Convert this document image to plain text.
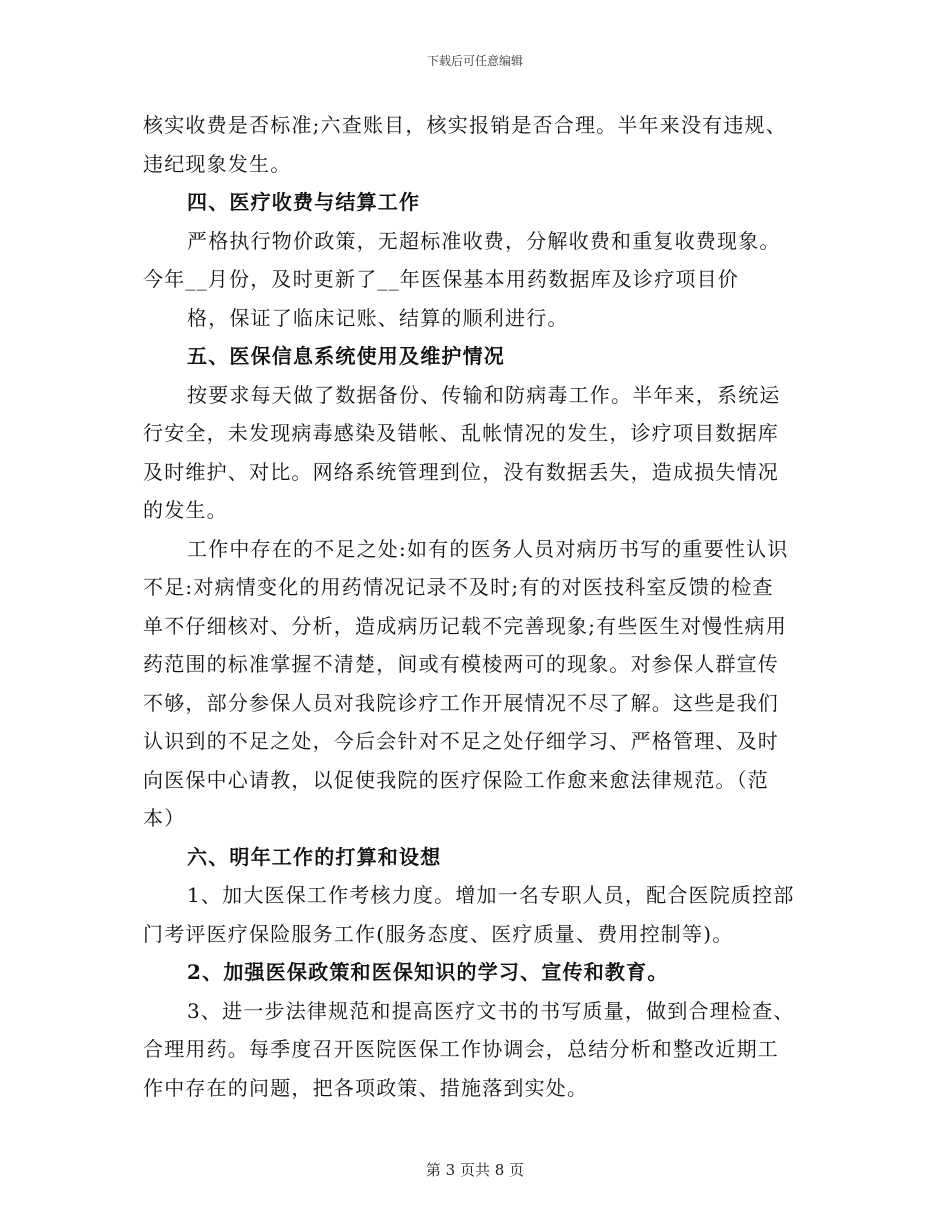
下载后可任意编辑
核实收费是否标准;六查账目，核实报销是否合理。半年来没有违规、
违纪现象发生。
四、医疗收费与结算工作
严格执行物价政策，无超标准收费，分解收费和重复收费现象。
今年__月份，及时更新了__年医保基本用药数据库及诊疗项目价
格，保证了临床记账、结算的顺利进行。
五、医保信息系统使用及维护情况
按要求每天做了数据备份、传输和防病毒工作。半年来，系统运
行安全，未发现病毒感染及错帐、乱帐情况的发生，诊疗项目数据库
及时维护、对比。网络系统管理到位，没有数据丢失，造成损失情况
的发生。
工作中存在的不足之处:如有的医务人员对病历书写的重要性认识
不足:对病情变化的用药情况记录不及时;有的对医技科室反馈的检查
单不仔细核对、分析，造成病历记载不完善现象;有些医生对慢性病用
药范围的标准掌握不清楚，间或有模棱两可的现象。对参保人群宣传
不够，部分参保人员对我院诊疗工作开展情况不尽了解。这些是我们
认识到的不足之处，今后会针对不足之处仔细学习、严格管理、及时
向医保中心请教，以促使我院的医疗保险工作愈来愈法律规范。（范
本）
六、明年工作的打算和设想
1、加大医保工作考核力度。增加一名专职人员，配合医院质控部
门考评医疗保险服务工作(服务态度、医疗质量、费用控制等)。
2、加强医保政策和医保知识的学习、宣传和教育。
3、进一步法律规范和提高医疗文书的书写质量，做到合理检查、
合理用药。每季度召开医院医保工作协调会，总结分析和整改近期工
作中存在的问题，把各项政策、措施落到实处。
第 3 页共 8 页
